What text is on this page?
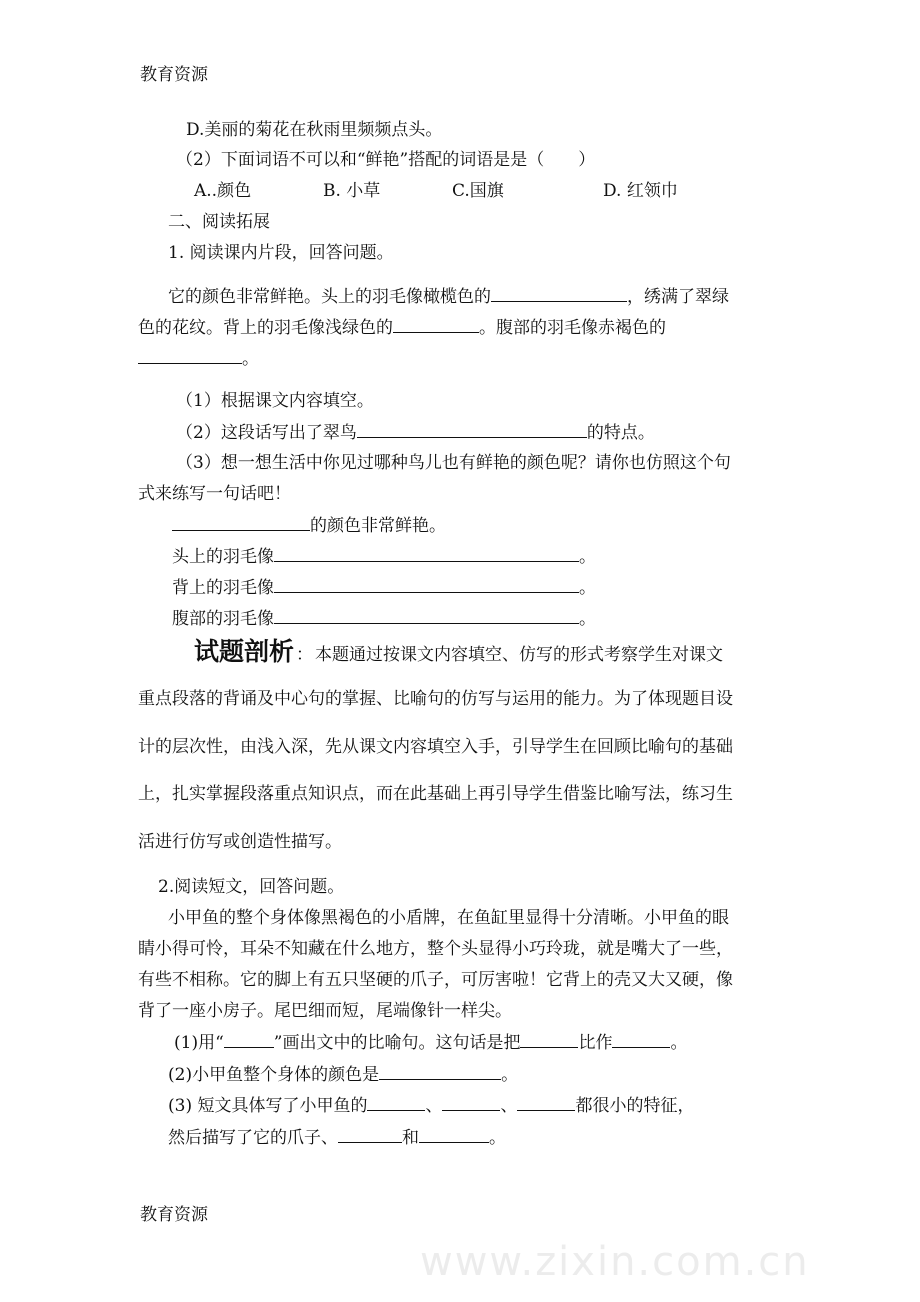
教育资源
D.美丽的菊花在秋雨里频频点头。
（2）下面词语不可以和“鲜艳”搭配的词语是是（　　）
A..颜色	B. 小草	C.国旗	D. 红领巾
二、阅读拓展
1. 阅读课内片段，回答问题。
它的颜色非常鲜艳。头上的羽毛像橄榄色的	，绣满了翠绿
色的花纹。背上的羽毛像浅绿色的	。腹部的羽毛像赤褐色的
。
（1）根据课文内容填空。
（2）这段话写出了翠鸟	的特点。
（3）想一想生活中你见过哪种鸟儿也有鲜艳的颜色呢？请你也仿照这个句
式来练写一句话吧！
的颜色非常鲜艳。
头上的羽毛像	。
背上的羽毛像	。
腹部的羽毛像	。
试题剖析 ： 本题通过按课文内容填空、仿写的形式考察学生对课文
重点段落的背诵及中心句的掌握、比喻句的仿写与运用的能力。为了体现题目设
计的层次性，由浅入深，先从课文内容填空入手，引导学生在回顾比喻句的基础
上，扎实掌握段落重点知识点，而在此基础上再引导学生借鉴比喻写法，练习生
活进行仿写或创造性描写。
2.阅读短文，回答问题。
小甲鱼的整个身体像黑褐色的小盾牌，在鱼缸里显得十分清晰。小甲鱼的眼
睛小得可怜，耳朵不知藏在什么地方，整个头显得小巧玲珑，就是嘴大了一些，
有些不相称。它的脚上有五只坚硬的爪子，可厉害啦！它背上的壳又大又硬，像
背了一座小房子。尾巴细而短，尾端像针一样尖。
(1)用“	”画出文中的比喻句。这句话是把	比作	。
(2)小甲鱼整个身体的颜色是	。
(3) 短文具体写了小甲鱼的	、	、	都很小的特征，
然后描写了它的爪子、	和	。
教育资源
www.zixin.com.cn
